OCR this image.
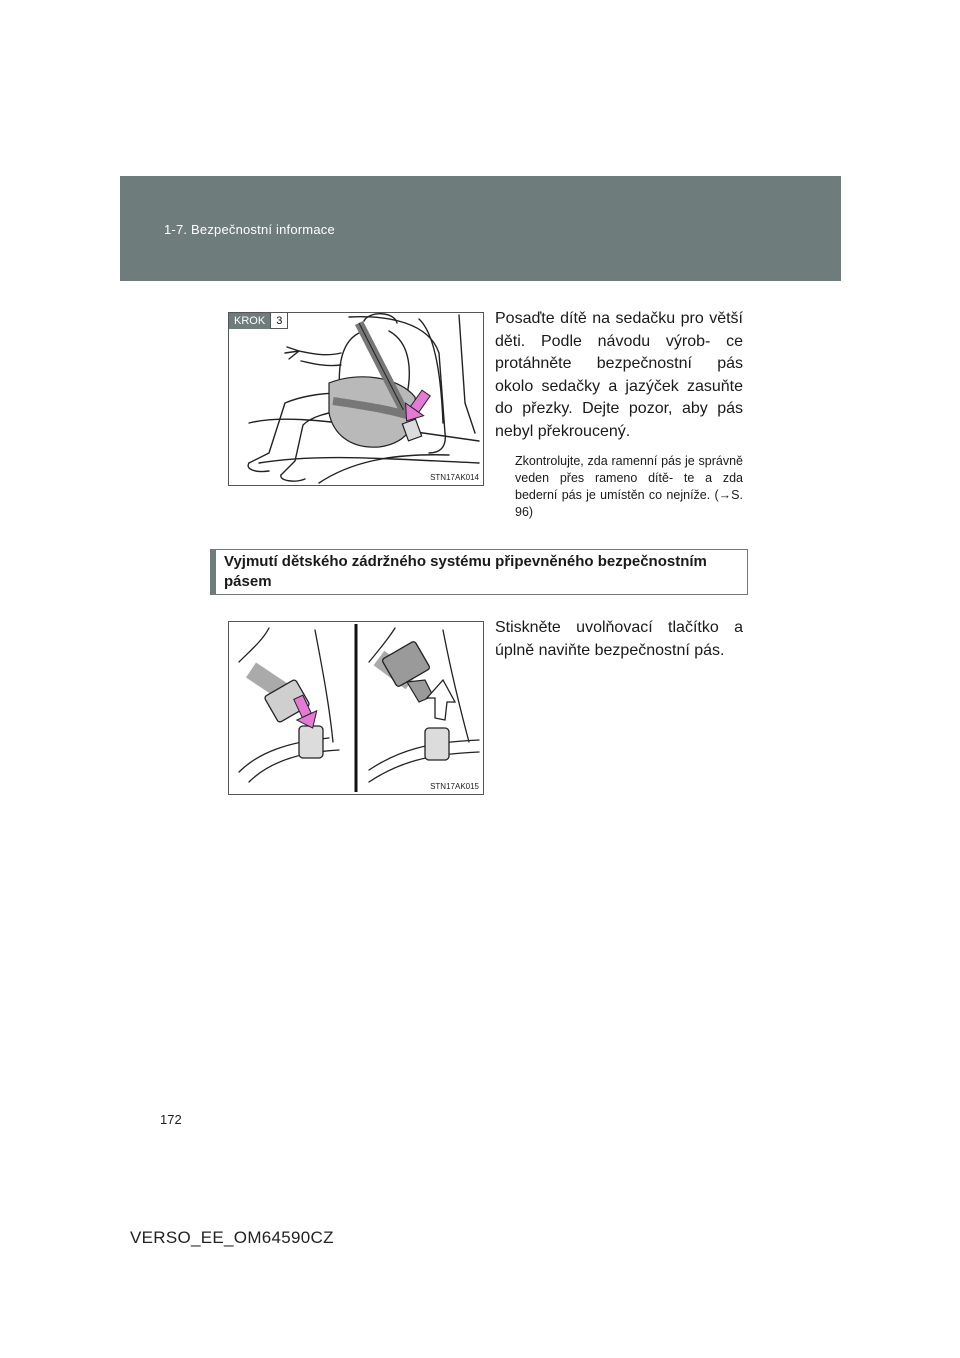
1-7. Bezpečnostní informace
KROK	3
STN17AK014

Posaďte dítě na sedačku pro větší děti. Podle návodu výrob- ce protáhněte bezpečnostní pás okolo sedačky a jazýček zasuňte do přezky. Dejte pozor, aby pás nebyl překroucený.

Zkontrolujte, zda ramenní pás je správně veden přes rameno dítě- te a zda bederní pás je umístěn co nejníže. (→S. 96)

Vyjmutí dětského zádržného systému připevněného bezpečnostním pásem
STN17AK015

Stiskněte uvolňovací tlačítko a úplně naviňte bezpečnostní pás.

172
VERSO_EE_OM64590CZ
